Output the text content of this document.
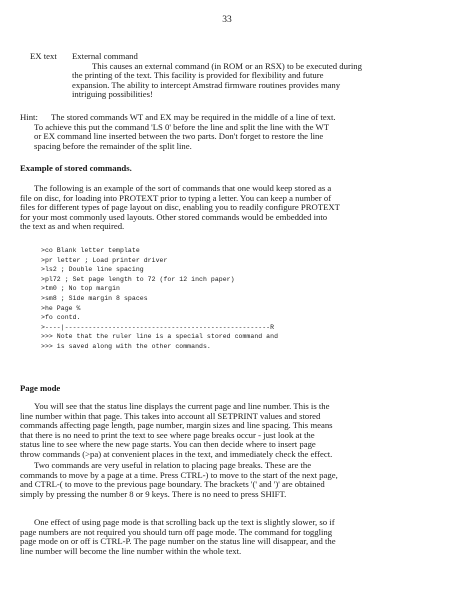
33
EX text External command
This causes an external command (in ROM or an RSX) to be executed during
the printing of the text. This facility is provided for flexibility and future
expansion. The ability to intercept Amstrad firmware routines provides many
intriguing possibilities!
Hint: The stored commands WT and EX may be required in the middle of a line of text.
To achieve this put the command 'LS 0' before the line and split the line with the WT
or EX command line inserted between the two parts. Don't forget to restore the line
spacing before the remainder of the split line.
Example of stored commands.
The following is an example of the sort of commands that one would keep stored as a
file on disc, for loading into PROTEXT prior to typing a letter. You can keep a number of
files for different types of page layout on disc, enabling you to readily configure PROTEXT
for your most commonly used layouts. Other stored commands would be embedded into
the text as and when required.
>co Blank letter template
>pr letter ; Load printer driver
>ls2 ; Double line spacing
>pl72 ; Set page length to 72 (for 12 inch paper)
>tm0 ; No top margin
>sm8 ; Side margin 8 spaces
>he Page %
>fo contd.
>----|----------------------------------------------------R
>>> Note that the ruler line is a special stored command and
>>> is saved along with the other commands.
Page mode
You will see that the status line displays the current page and line number. This is the
line number within that page. This takes into account all SETPRINT values and stored
commands affecting page length, page number, margin sizes and line spacing. This means
that there is no need to print the text to see where page breaks occur - just look at the
status line to see where the new page starts. You can then decide where to insert page
throw commands (>pa) at convenient places in the text, and immediately check the effect.
Two commands are very useful in relation to placing page breaks. These are the
commands to move by a page at a time. Press CTRL-) to move to the start of the next page,
and CTRL-( to move to the previous page boundary. The brackets '(' and ')' are obtained
simply by pressing the number 8 or 9 keys. There is no need to press SHIFT.
One effect of using page mode is that scrolling back up the text is slightly slower, so if
page numbers are not required you should turn off page mode. The command for toggling
page mode on or off is CTRL-P. The page number on the status line will disappear, and the
line number will become the line number within the whole text.
